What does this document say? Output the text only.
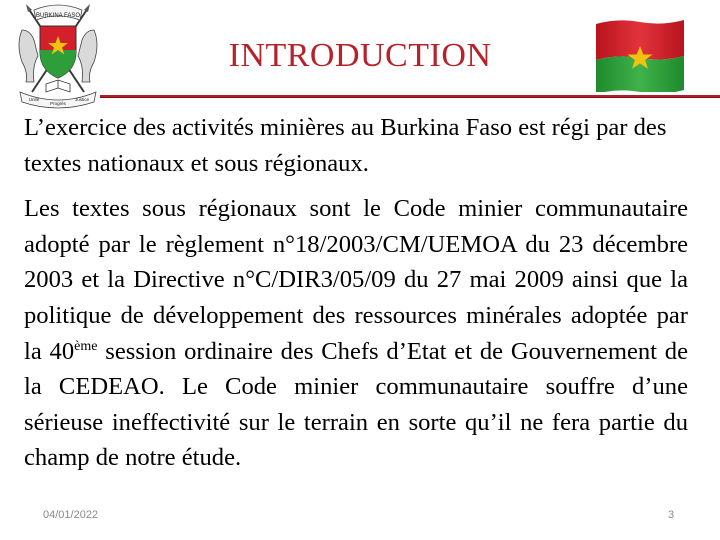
BURKINA FASO
Unité
Progrès
Justice
INTRODUCTION

L’exercice des activités minières au Burkina Faso est régi par des textes nationaux et sous régionaux.

Les textes sous régionaux sont le Code minier communautaire adopté par le règlement n°18/2003/CM/UEMOA du 23 décembre 2003 et la Directive n°C/DIR3/05/09 du 27 mai 2009 ainsi que la politique de développement des ressources minérales adoptée par la 40ème session ordinaire des Chefs d’Etat et de Gouvernement de la CEDEAO. Le Code minier communautaire souffre d’une sérieuse ineffectivité sur le terrain en sorte qu’il ne fera partie du champ de notre étude.

04/01/2022	3
